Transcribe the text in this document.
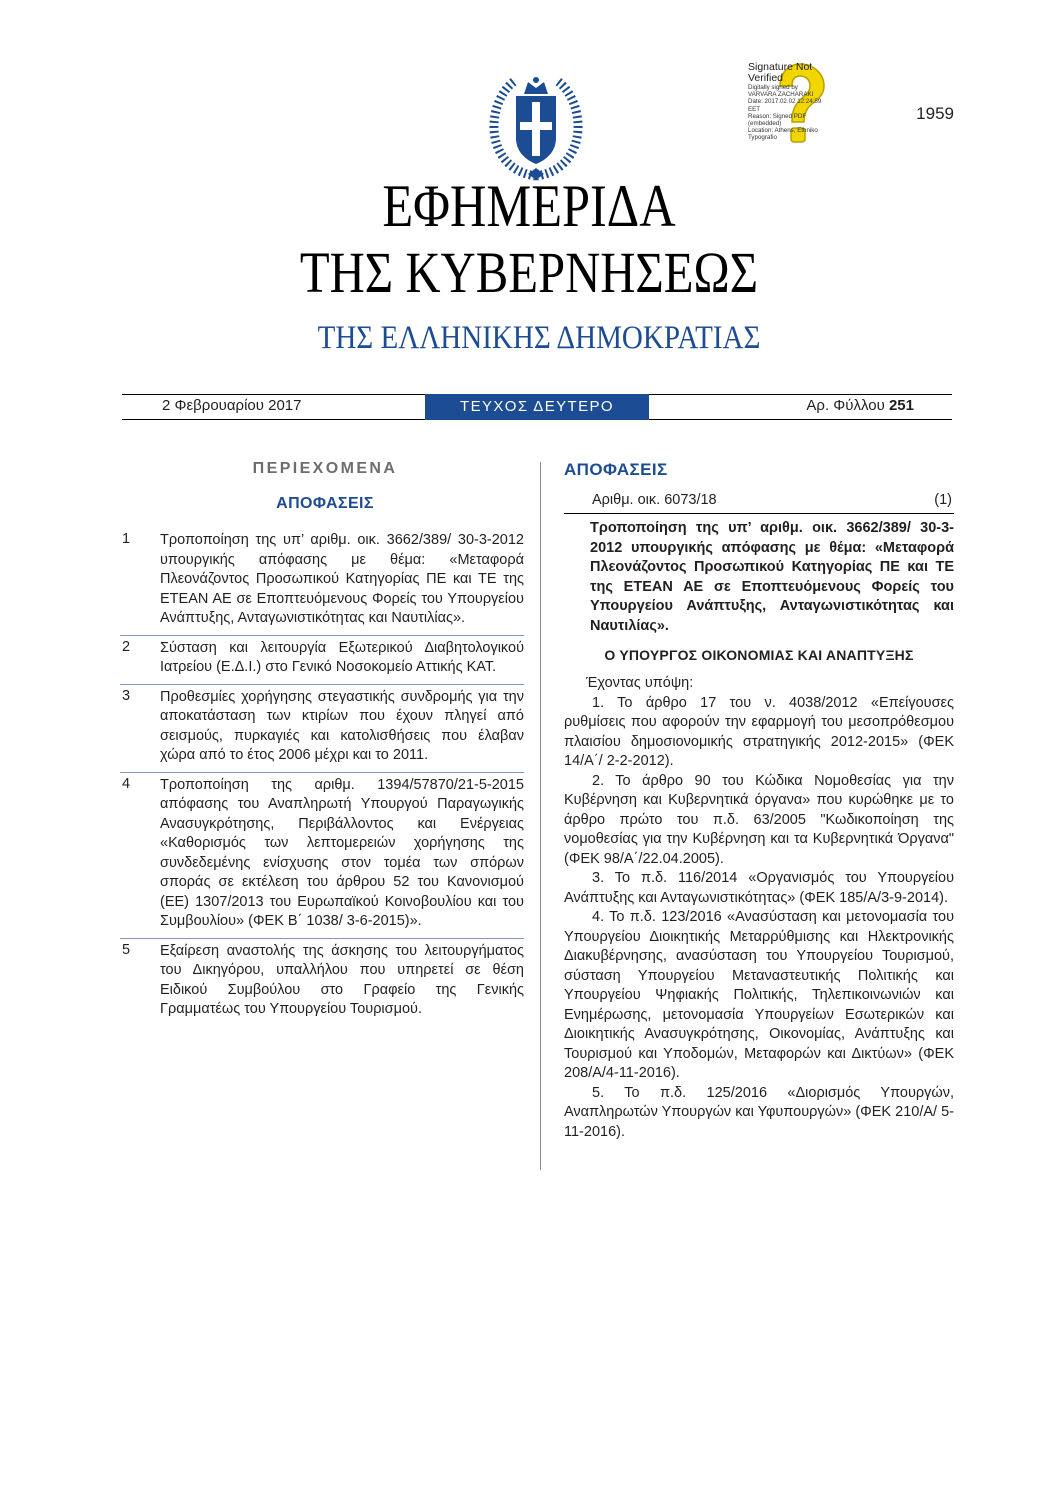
Signature Not Verified
Digitally signed by
VARVARA ZACHARAKI
Date: 2017.02.02 12:24:59
EET
Reason: Signed PDF
(embedded)
Location: Athens, Ethniko
Typografio
1959
ΕΦΗΜΕΡΙΔΑ
ΤΗΣ ΚΥΒΕΡΝΗΣΕΩΣ
ΤΗΣ ΕΛΛΗΝΙΚΗΣ ΔΗΜΟΚΡΑΤΙΑΣ
2 Φεβρουαρίου 2017	ΤΕΥΧΟΣ ΔΕΥΤΕΡΟ	Αρ. Φύλλου 251
ΠΕΡΙΕΧΟΜΕΝΑ
ΑΠΟΦΑΣΕΙΣ
1 Τροποποίηση της υπ’ αριθμ. οικ. 3662/389/ 30-3-2012 υπουργικής απόφασης με θέμα: «Μεταφορά Πλεονάζοντος Προσωπικού Κατηγορίας ΠΕ και ΤΕ της ΕΤΕΑΝ ΑΕ σε Εποπτευόμενους Φορείς του Υπουργείου Ανάπτυξης, Ανταγωνιστικότητας και Ναυτιλίας».
2 Σύσταση και λειτουργία Εξωτερικού Διαβητολογικού Ιατρείου (Ε.Δ.Ι.) στο Γενικό Νοσοκομείο Αττικής ΚΑΤ.
3 Προθεσμίες χορήγησης στεγαστικής συνδρομής για την αποκατάσταση των κτιρίων που έχουν πληγεί από σεισμούς, πυρκαγιές και κατολισθήσεις που έλαβαν χώρα από το έτος 2006 μέχρι και το 2011.
4 Τροποποίηση της αριθμ. 1394/57870/21-5-2015 απόφασης του Αναπληρωτή Υπουργού Παραγωγικής Ανασυγκρότησης, Περιβάλλοντος και Ενέργειας «Καθορισμός των λεπτομερειών χορήγησης της συνδεδεμένης ενίσχυσης στον τομέα των σπόρων σποράς σε εκτέλεση του άρθρου 52 του Κανονισμού (ΕΕ) 1307/2013 του Ευρωπαϊκού Κοινοβουλίου και του Συμβουλίου» (ΦΕΚ Β΄ 1038/ 3-6-2015)».
5 Εξαίρεση αναστολής της άσκησης του λειτουργήματος του Δικηγόρου, υπαλλήλου που υπηρετεί σε θέση Ειδικού Συμβούλου στο Γραφείο της Γενικής Γραμματέως του Υπουργείου Τουρισμού.
ΑΠΟΦΑΣΕΙΣ
Αριθμ. οικ. 6073/18	(1)
Τροποποίηση της υπ’ αριθμ. οικ. 3662/389/ 30-3-2012 υπουργικής απόφασης με θέμα: «Μεταφορά Πλεονάζοντος Προσωπικού Κατηγορίας ΠΕ και ΤΕ της ΕΤΕΑΝ ΑΕ σε Εποπτευόμενους Φορείς του Υπουργείου Ανάπτυξης, Ανταγωνιστικότητας και Ναυτιλίας».
Ο ΥΠΟΥΡΓΟΣ ΟΙΚΟΝΟΜΙΑΣ ΚΑΙ ΑΝΑΠΤΥΞΗΣ

Έχοντας υπόψη:

1. Το άρθρο 17 του ν. 4038/2012 «Επείγουσες ρυθμίσεις που αφορούν την εφαρμογή του μεσοπρόθεσμου πλαισίου δημοσιονομικής στρατηγικής 2012-2015» (ΦΕΚ 14/Α΄/ 2-2-2012).

2. Το άρθρο 90 του Κώδικα Νομοθεσίας για την Κυβέρνηση και Κυβερνητικά όργανα» που κυρώθηκε με το άρθρο πρώτο του π.δ. 63/2005 "Κωδικοποίηση της νομοθεσίας για την Κυβέρνηση και τα Κυβερνητικά Όργανα" (ΦΕΚ 98/Α΄/22.04.2005).

3. Το π.δ. 116/2014 «Οργανισμός του Υπουργείου Ανάπτυξης και Ανταγωνιστικότητας» (ΦΕΚ 185/Α/3-9-2014).

4. Το π.δ. 123/2016 «Ανασύσταση και μετονομασία του Υπουργείου Διοικητικής Μεταρρύθμισης και Ηλεκτρονικής Διακυβέρνησης, ανασύσταση του Υπουργείου Τουρισμού, σύσταση Υπουργείου Μεταναστευτικής Πολιτικής και Υπουργείου Ψηφιακής Πολιτικής, Τηλεπικοινωνιών και Ενημέρωσης, μετονομασία Υπουργείων Εσωτερικών και Διοικητικής Ανασυγκρότησης, Οικονομίας, Ανάπτυξης και Τουρισμού και Υποδομών, Μεταφορών και Δικτύων» (ΦΕΚ 208/Α/4-11-2016).

5. Το π.δ. 125/2016 «Διορισμός Υπουργών, Αναπληρωτών Υπουργών και Υφυπουργών» (ΦΕΚ 210/Α/ 5-11-2016).
